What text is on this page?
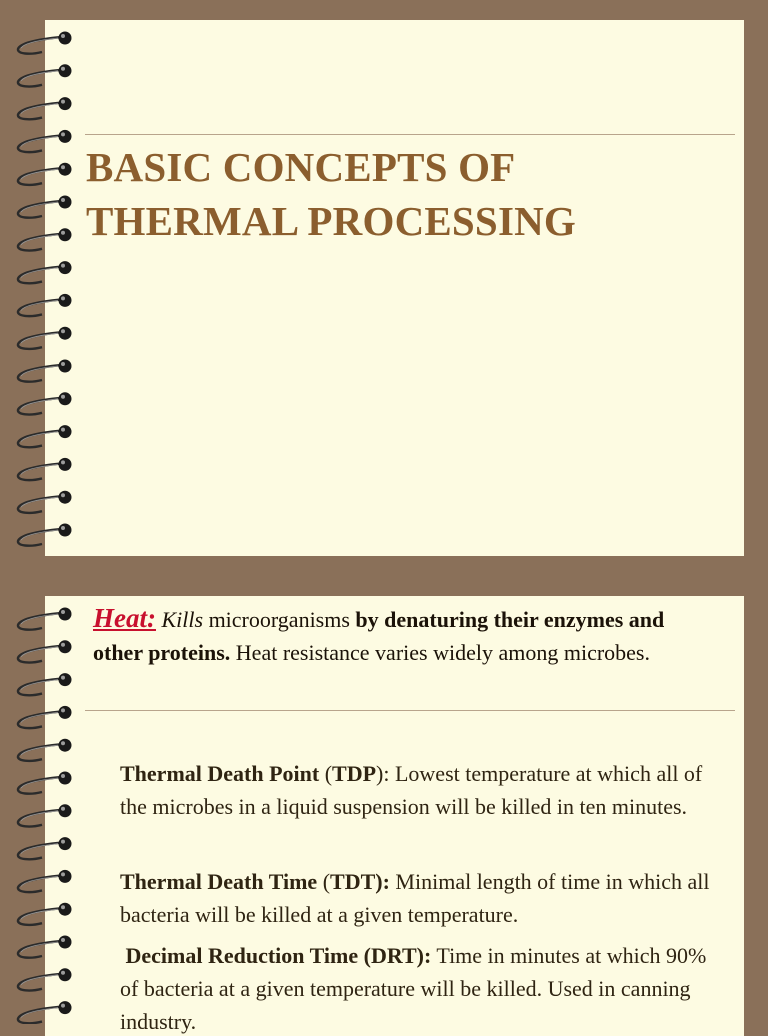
BASIC CONCEPTS OF
THERMAL PROCESSING

Heat: Kills microorganisms by denaturing their enzymes and other proteins. Heat resistance varies widely among microbes.

Thermal Death Point (TDP): Lowest temperature at which all of the microbes in a liquid suspension will be killed in ten minutes.

Thermal Death Time (TDT): Minimal length of time in which all bacteria will be killed at a given temperature.

Decimal Reduction Time (DRT): Time in minutes at which 90% of bacteria at a given temperature will be killed. Used in canning industry.
